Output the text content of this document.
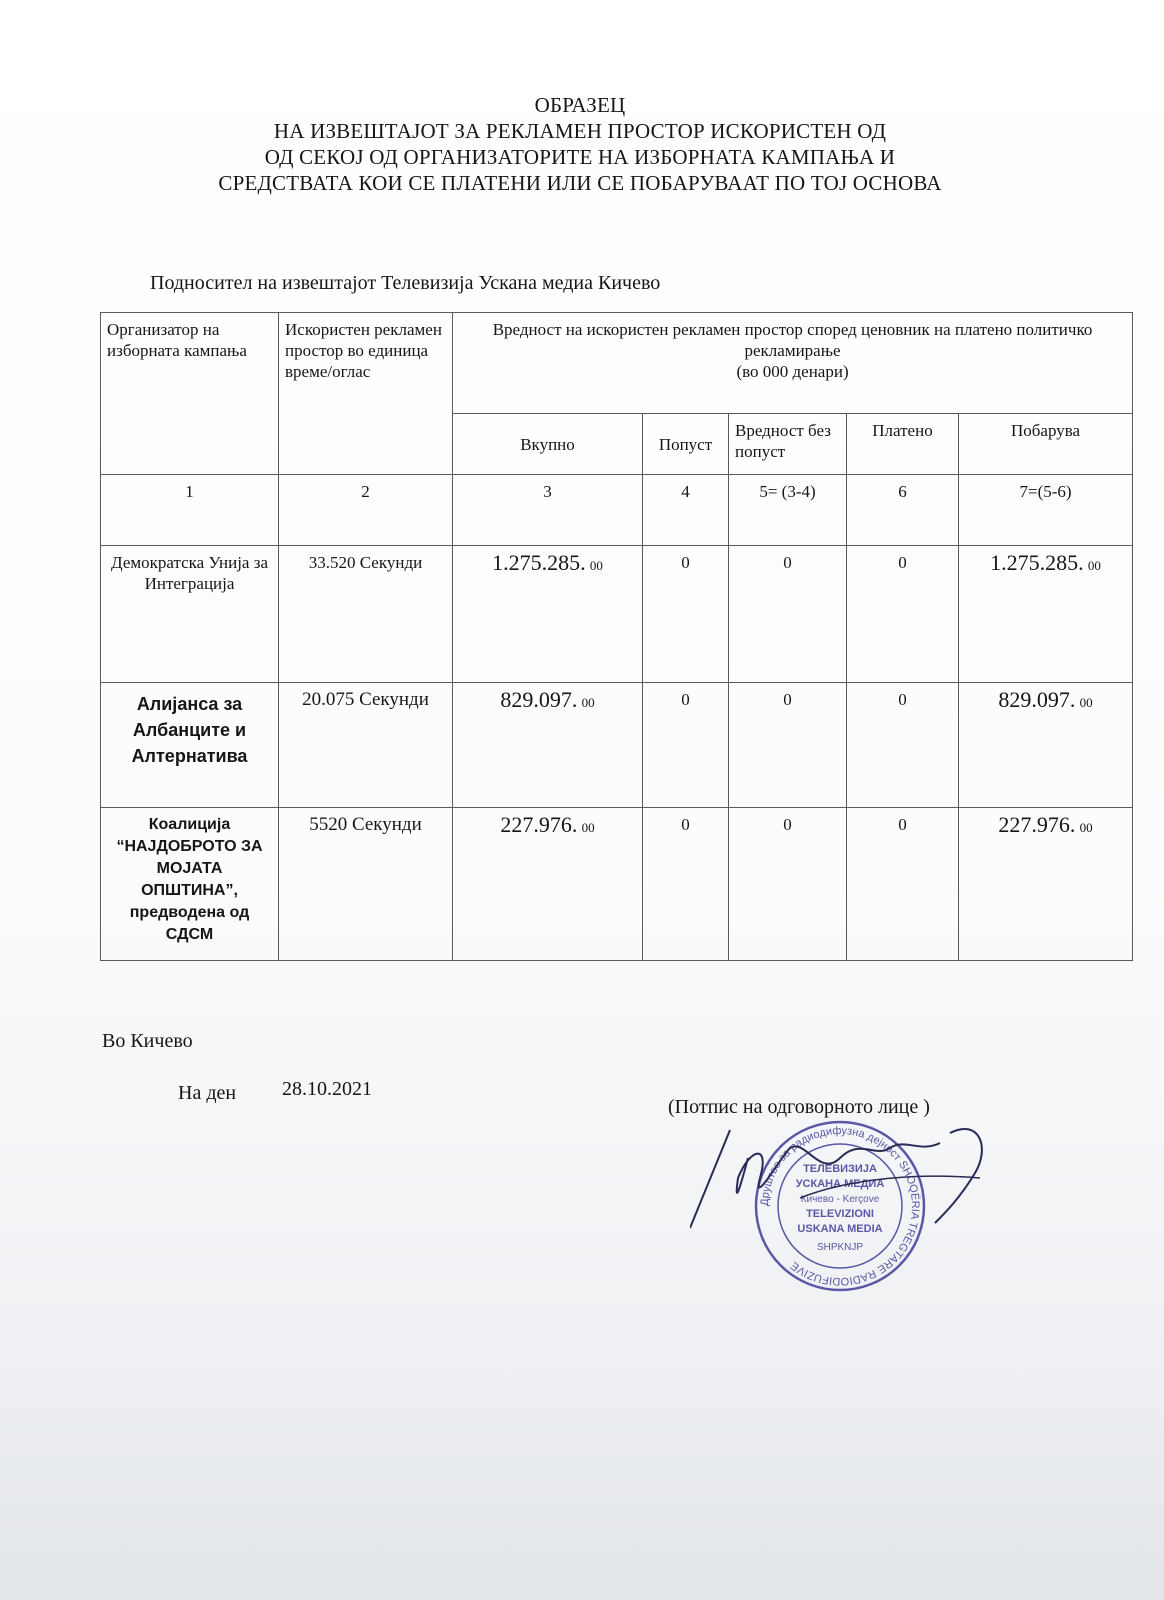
ОБРАЗЕЦ
НА ИЗВЕШТАЈОТ ЗА РЕКЛАМЕН ПРОСТОР ИСКОРИСТЕН ОД
ОД СЕКОЈ ОД ОРГАНИЗАТОРИТЕ НА ИЗБОРНАТА КАМПАЊА И
СРЕДСТВАТА КОИ СЕ ПЛАТЕНИ ИЛИ СЕ ПОБАРУВААТ ПО ТОЈ ОСНОВА
Подносител на извештајот Телевизија Ускана медиа Кичево
Организатор на изборната кампања	Искористен рекламен простор во единица време/оглас	Вредност на искористен рекламен простор според ценовник на платено политичко рекламирање
(во 000 денари)				

		Вкупно	Попуст	Вредност без попуст	Платено	Побарува
1	2	3	4	5= (3-4)	6	7=(5-6)
Демократска Унија за Интеграција	33.520 Секунди	1.275.285. 00	0	0	0	1.275.285. 00
Алијанса за Албанците и Алтернатива	20.075 Секунди	829.097. 00	0	0	0	829.097. 00
Коалиција “НАЈДОБРОТО ЗА МОЈАТА ОПШТИНА”, предводена од СДСМ	5520 Секунди	227.976. 00	0	0	0	227.976. 00
Во Кичево
На ден 28.10.2021
(Потпис на одговорното лице )
Друштво за радиодифузна дејност SHOQËRIA TREGTARE RADIODIFUZIVE
ТЕЛЕВИЗИЈА
УСКАНА МЕДИА
Кичево - Kerçove
TELEVIZIONI
USKANA MEDIA
SHPKNJP
